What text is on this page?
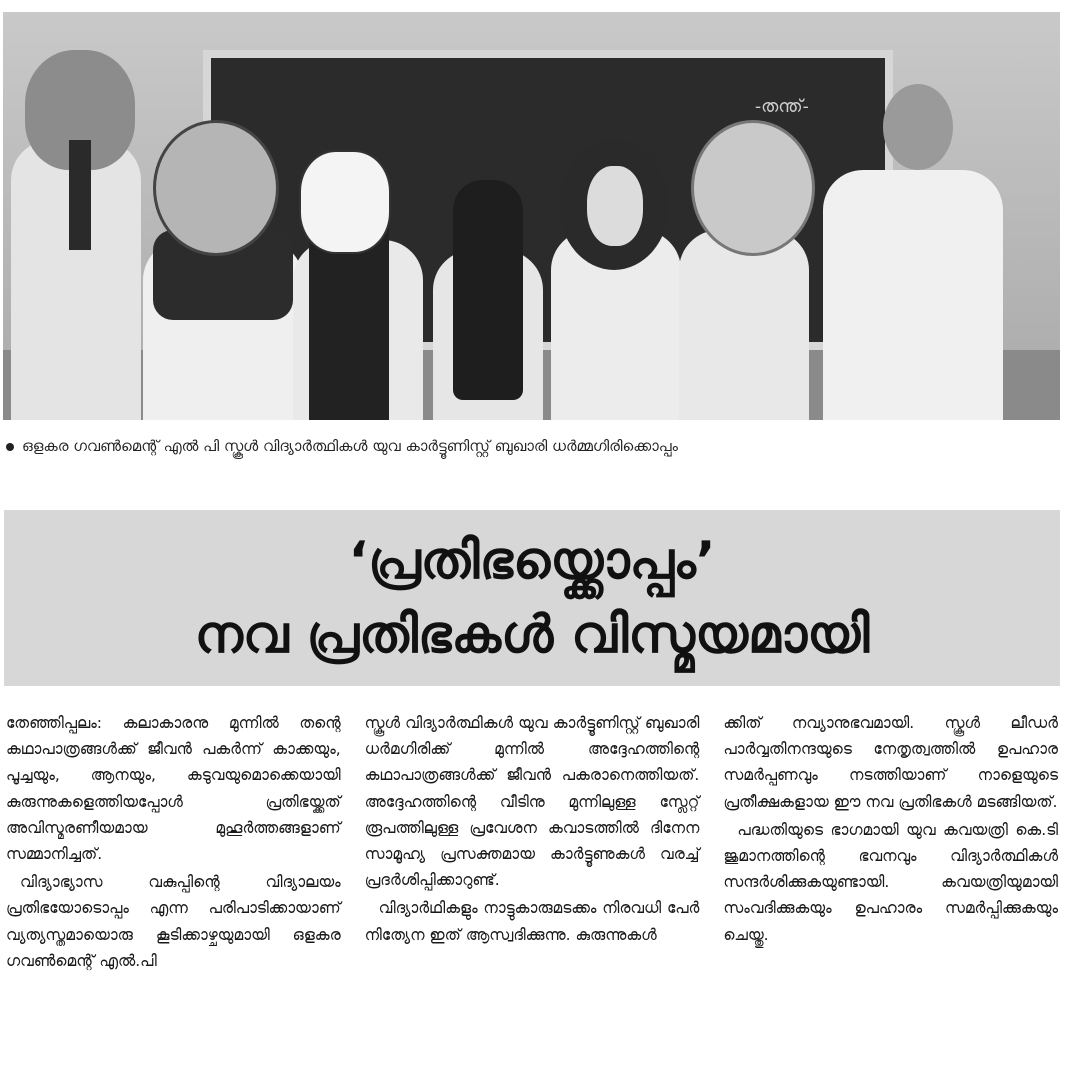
-തന്ത്-
ഒളകര ഗവൺമെന്റ് എൽ പി സ്കൂൾ വിദ്യാർത്ഥികൾ യുവ കാർട്ടൂണിസ്റ്റ് ബുഖാരി ധർമ്മഗിരിക്കൊപ്പം
‘പ്രതിഭയ്ക്കൊപ്പം’
നവ പ്രതിഭകൾ വിസ്മയമായി

തേഞ്ഞിപ്പലം: കലാകാരനു മുന്നിൽ തന്റെ കഥാപാത്രങ്ങൾക്ക് ജീവൻ പകർന്ന് കാക്കയും, പൂച്ചയും, ആനയും, കടുവയുമൊക്കെയായി കുരുന്നുകളെത്തിയപ്പോൾ പ്രതിഭയ്ക്കത് അവിസ്മരണീയമായ മുഹൂർത്തങ്ങളാണ് സമ്മാനിച്ചത്.

വിദ്യാഭ്യാസ വകുപ്പിന്റെ വിദ്യാലയം പ്രതിഭയോടൊപ്പം എന്ന പരിപാടിക്കായാണ് വ്യത്യസ്തമായൊരു കൂടിക്കാഴ്ചയുമായി ഒളകര ഗവൺമെന്റ് എൽ.പി

സ്കൂൾ വിദ്യാർത്ഥികൾ യുവ കാർട്ടൂണിസ്റ്റ് ബുഖാരി ധർമഗിരിക്ക് മുന്നിൽ അദ്ദേഹത്തിന്റെ കഥാപാത്രങ്ങൾക്ക് ജീവൻ പകരാനെത്തിയത്. അദ്ദേഹത്തിന്റെ വീടിനു മുന്നിലുള്ള സ്ലേറ്റ് രൂപത്തിലുള്ള പ്രവേശന കവാടത്തിൽ ദിനേന സാമൂഹ്യ പ്രസക്തമായ കാർട്ടൂണുകൾ വരച്ച് പ്രദർശിപ്പിക്കാറുണ്ട്.

വിദ്യാർഥികളും നാട്ടുകാരുമടക്കം നിരവധി പേർ നിത്യേന ഇത് ആസ്വദിക്കുന്നു. കുരുന്നുകൾ

ക്കിത് നവ്യാനുഭവമായി. സ്കൂൾ ലീഡർ പാർവ്വതിനന്ദയുടെ നേതൃത്വത്തിൽ ഉപഹാര സമർപ്പണവും നടത്തിയാണ് നാളെയുടെ പ്രതീക്ഷകളായ ഈ നവ പ്രതിഭകൾ മടങ്ങിയത്.

പദ്ധതിയുടെ ഭാഗമായി യുവ കവയത്രി കെ.ടി ജുമാനത്തിന്റെ ഭവനവും വിദ്യാർത്ഥികൾ സന്ദർശിക്കുകയുണ്ടായി. കവയത്രിയുമായി സംവദിക്കുകയും ഉപഹാരം സമർപ്പിക്കുകയും ചെയ്തു.
